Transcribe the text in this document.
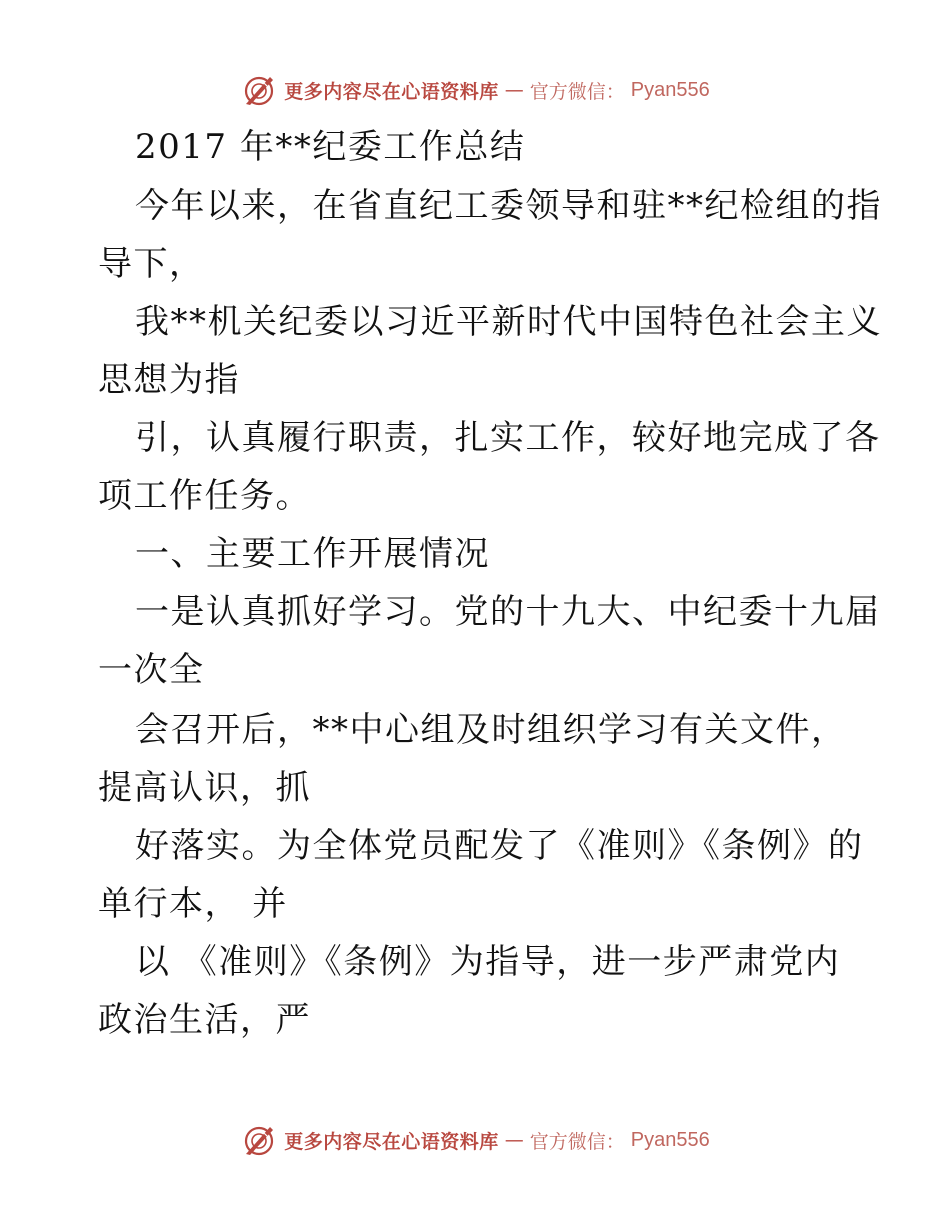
更多内容尽在心语资料库 — 官方微信： Pyan556
2017 年**纪委工作总结
今年以来，在省直纪工委领导和驻**纪检组的指
导下，
我**机关纪委以习近平新时代中国特色社会主义
思想为指
引，认真履行职责，扎实工作，较好地完成了各
项工作任务。
一、主要工作开展情况
一是认真抓好学习。党的十九大、中纪委十九届
一次全
会召开后，**中心组及时组织学习有关文件，
提高认识，抓
好落实。为全体党员配发了《准则》《条例》的
单行本， 并
以 《准则》《条例》为指导，进一步严肃党内
政治生活，严
更多内容尽在心语资料库 — 官方微信： Pyan556
